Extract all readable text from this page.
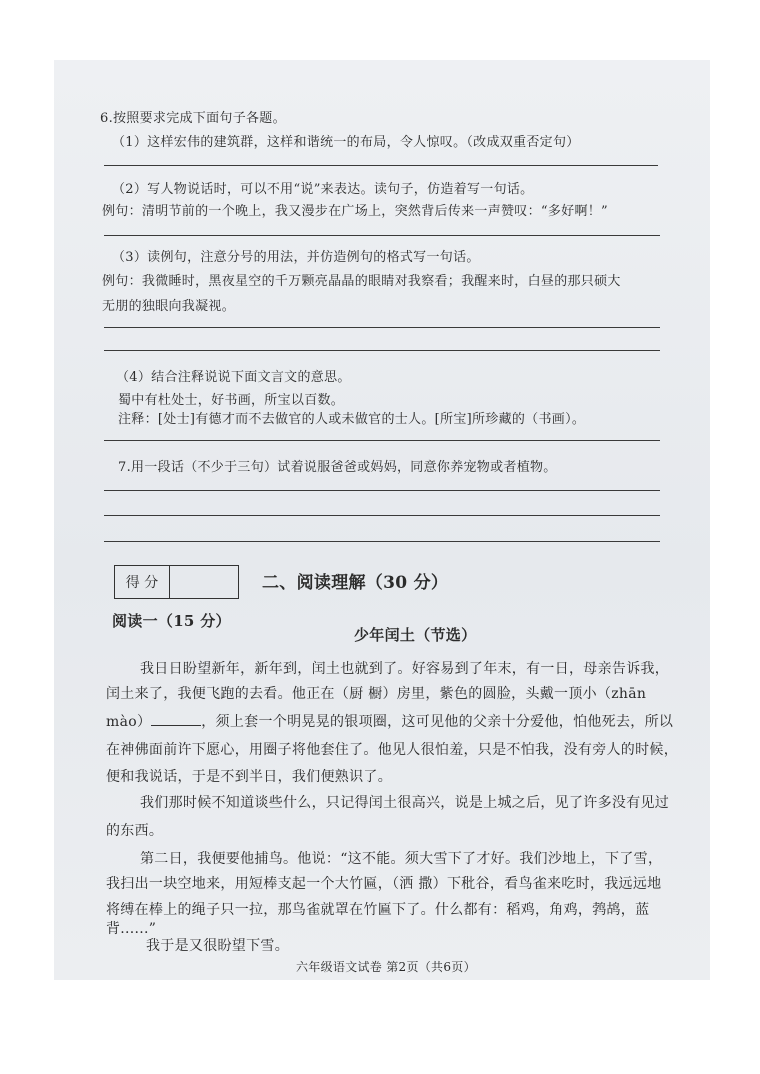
6.按照要求完成下面句子各题。
（1）这样宏伟的建筑群，这样和谐统一的布局，令人惊叹。（改成双重否定句）
（2）写人物说话时，可以不用“说”来表达。读句子，仿造着写一句话。
例句：清明节前的一个晚上，我又漫步在广场上，突然背后传来一声赞叹：“多好啊！”
（3）读例句，注意分号的用法，并仿造例句的格式写一句话。
例句：我微睡时，黑夜星空的千万颗亮晶晶的眼睛对我察看；我醒来时，白昼的那只硕大
无朋的独眼向我凝视。
（4）结合注释说说下面文言文的意思。
蜀中有杜处士，好书画，所宝以百数。
注释：[处士]有德才而不去做官的人或未做官的士人。[所宝]所珍藏的（书画）。
7.用一段话（不少于三句）试着说服爸爸或妈妈，同意你养宠物或者植物。
得 分	二、阅读理解（30 分）
阅读一（15 分）
少年闰土（节选）
我日日盼望新年，新年到，闰土也就到了。好容易到了年末，有一日，母亲告诉我，
闰土来了，我便飞跑的去看。他正在（厨 橱）房里，紫色的圆脸，头戴一顶小（zhān
mào）	，须上套一个明晃晃的银项圈，这可见他的父亲十分爱他，怕他死去，所以
在神佛面前许下愿心，用圈子将他套住了。他见人很怕羞，只是不怕我，没有旁人的时候，
便和我说话，于是不到半日，我们便熟识了。
我们那时候不知道谈些什么，只记得闰土很高兴，说是上城之后，见了许多没有见过
的东西。
第二日，我便要他捕鸟。他说：“这不能。须大雪下了才好。我们沙地上，下了雪，
我扫出一块空地来，用短棒支起一个大竹匾，（洒 撒）下秕谷，看鸟雀来吃时，我远远地
将缚在棒上的绳子只一拉，那鸟雀就罩在竹匾下了。什么都有：稻鸡，角鸡，鹁鸪，蓝
背......”
我于是又很盼望下雪。
六年级语文试卷 第2页（共6页）
